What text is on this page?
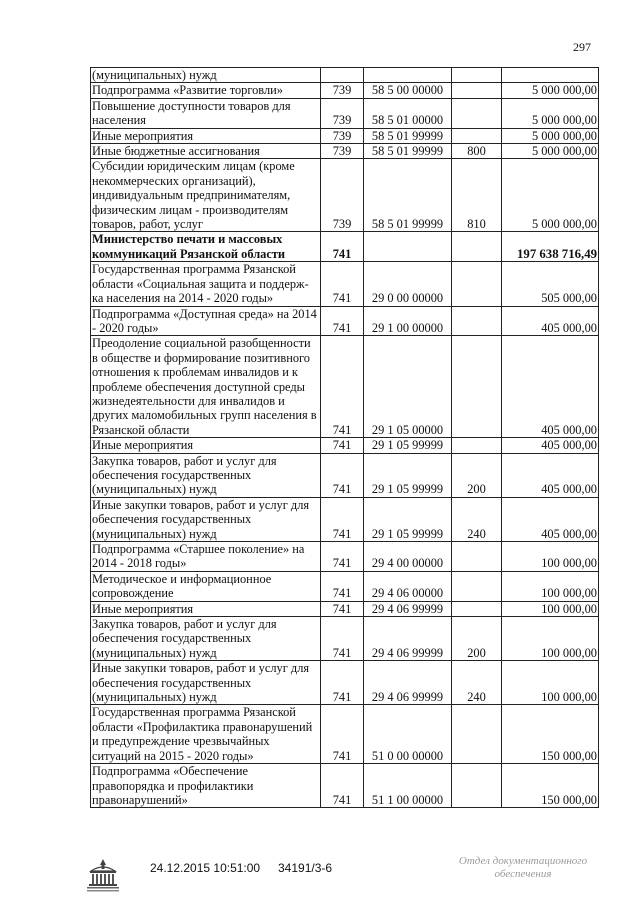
297
(муниципальных) нужд				
Подпрограмма «Развитие торговли»	739	58 5 00 00000		5 000 000,00
Повышение доступности товаров для населения	739	58 5 01 00000		5 000 000,00
Иные мероприятия	739	58 5 01 99999		5 000 000,00
Иные бюджетные ассигнования	739	58 5 01 99999	800	5 000 000,00
Субсидии юридическим лицам (кроме некоммерческих организаций), индивидуальным предпринимателям, физическим лицам - производителям товаров, работ, услуг	739	58 5 01 99999	810	5 000 000,00
Министерство печати и массовых коммуникаций Рязанской области	741			197 638 716,49
Государственная программа Рязанской области «Социальная защита и поддерж-ка населения на 2014 - 2020 годы»	741	29 0 00 00000		505 000,00
Подпрограмма «Доступная среда» на 2014 - 2020 годы»	741	29 1 00 00000		405 000,00
Преодоление социальной разобщенности в обществе и формирование позитивного отношения к проблемам инвалидов и к проблеме обеспечения доступной среды жизнедеятельности для инвалидов и других маломобильных групп населения в Рязанской области	741	29 1 05 00000		405 000,00
Иные мероприятия	741	29 1 05 99999		405 000,00
Закупка товаров, работ и услуг для обеспечения государственных (муниципальных) нужд	741	29 1 05 99999	200	405 000,00
Иные закупки товаров, работ и услуг для обеспечения государственных (муниципальных) нужд	741	29 1 05 99999	240	405 000,00
Подпрограмма «Старшее поколение» на 2014 - 2018 годы»	741	29 4 00 00000		100 000,00
Методическое и информационное сопровождение	741	29 4 06 00000		100 000,00
Иные мероприятия	741	29 4 06 99999		100 000,00
Закупка товаров, работ и услуг для обеспечения государственных (муниципальных) нужд	741	29 4 06 99999	200	100 000,00
Иные закупки товаров, работ и услуг для обеспечения государственных (муниципальных) нужд	741	29 4 06 99999	240	100 000,00
Государственная программа Рязанской области «Профилактика правонарушений и предупреждение чрезвычайных ситуаций на 2015 - 2020 годы»	741	51 0 00 00000		150 000,00
Подпрограмма «Обеспечение правопорядка и профилактики правонарушений»	741	51 1 00 00000		150 000,00
24.12.2015 10:51:00 34191/3-6	Отдел документационного
обеспечения
